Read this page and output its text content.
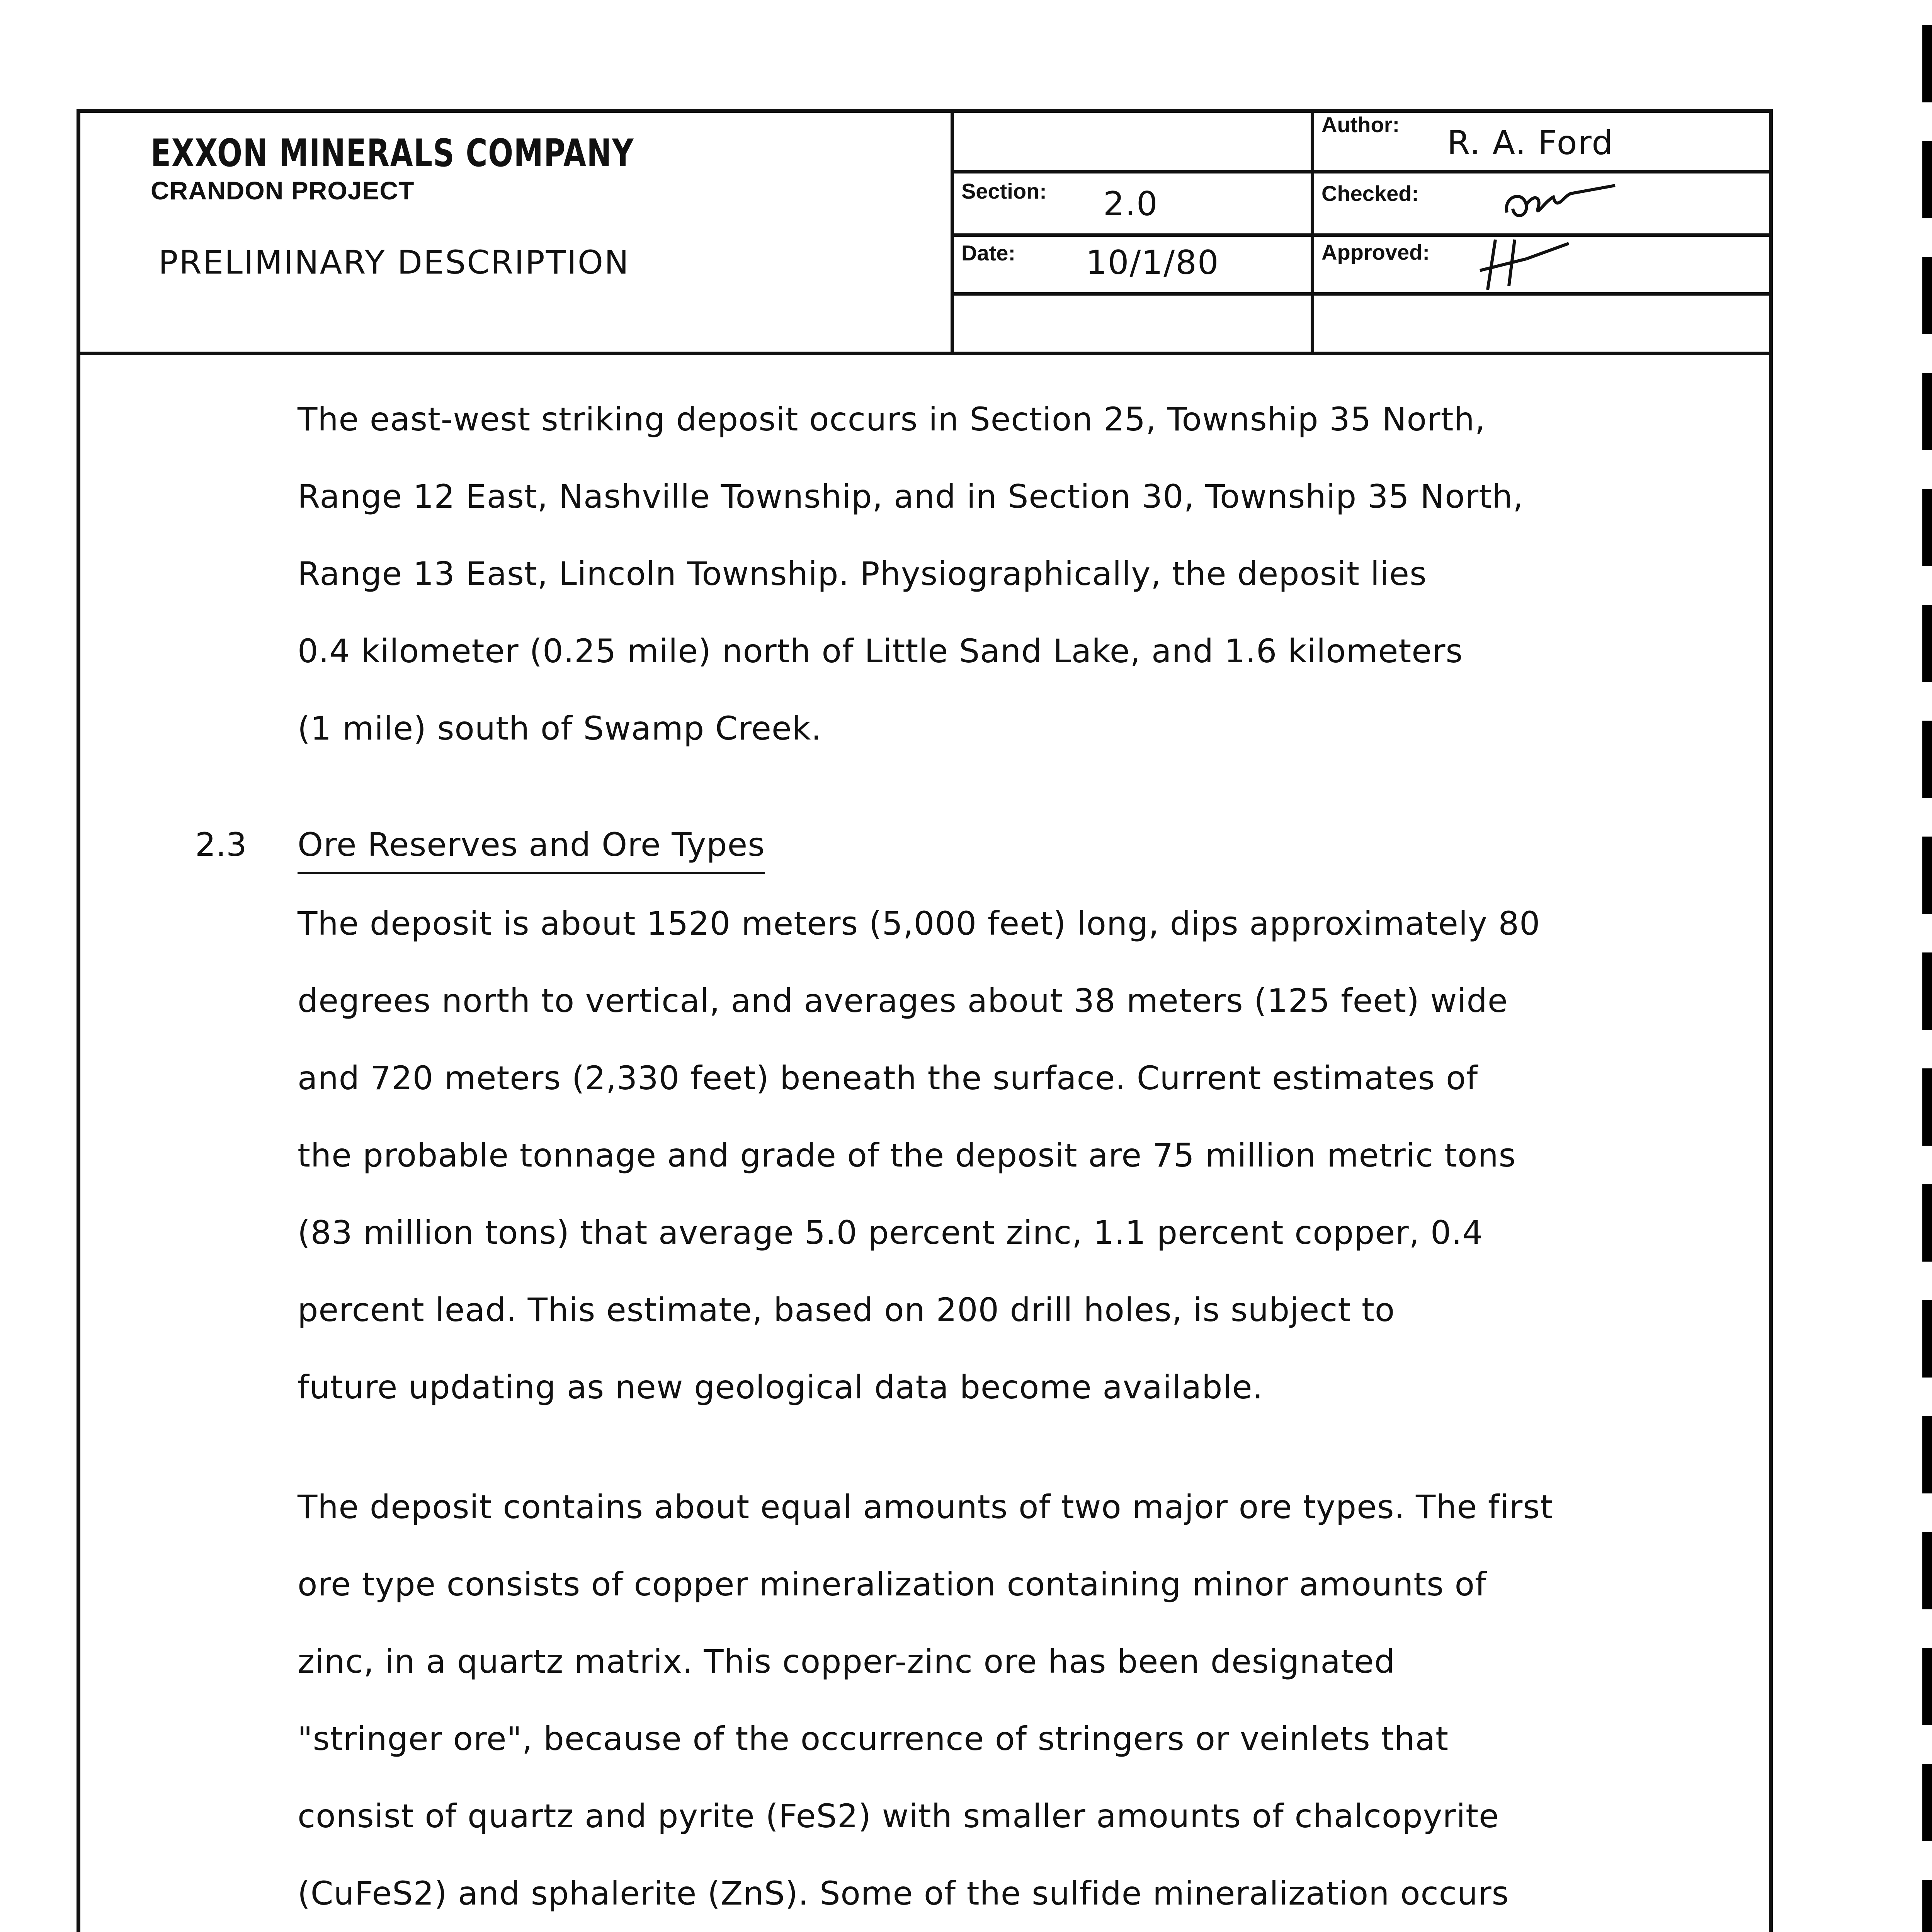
EXXON MINERALS COMPANY
CRANDON PROJECT
PRELIMINARY DESCRIPTION
Author: R. A. Ford
Section: 2.0	Checked:
Date: 10/1/80	Approved:
The east-west striking deposit occurs in Section 25, Township 35 North,
Range 12 East, Nashville Township, and in Section 30, Township 35 North,
Range 13 East, Lincoln Township. Physiographically, the deposit lies
0.4 kilometer (0.25 mile) north of Little Sand Lake, and 1.6 kilometers
(1 mile) south of Swamp Creek.
2.3 Ore Reserves and Ore Types
The deposit is about 1520 meters (5,000 feet) long, dips approximately 80
degrees north to vertical, and averages about 38 meters (125 feet) wide
and 720 meters (2,330 feet) beneath the surface. Current estimates of
the probable tonnage and grade of the deposit are 75 million metric tons
(83 million tons) that average 5.0 percent zinc, 1.1 percent copper, 0.4
percent lead. This estimate, based on 200 drill holes, is subject to
future updating as new geological data become available.
The deposit contains about equal amounts of two major ore types. The first
ore type consists of copper mineralization containing minor amounts of
zinc, in a quartz matrix. This copper-zinc ore has been designated
"stringer ore", because of the occurrence of stringers or veinlets that
consist of quartz and pyrite (FeS2) with smaller amounts of chalcopyrite
(CuFeS2) and sphalerite (ZnS). Some of the sulfide mineralization occurs
